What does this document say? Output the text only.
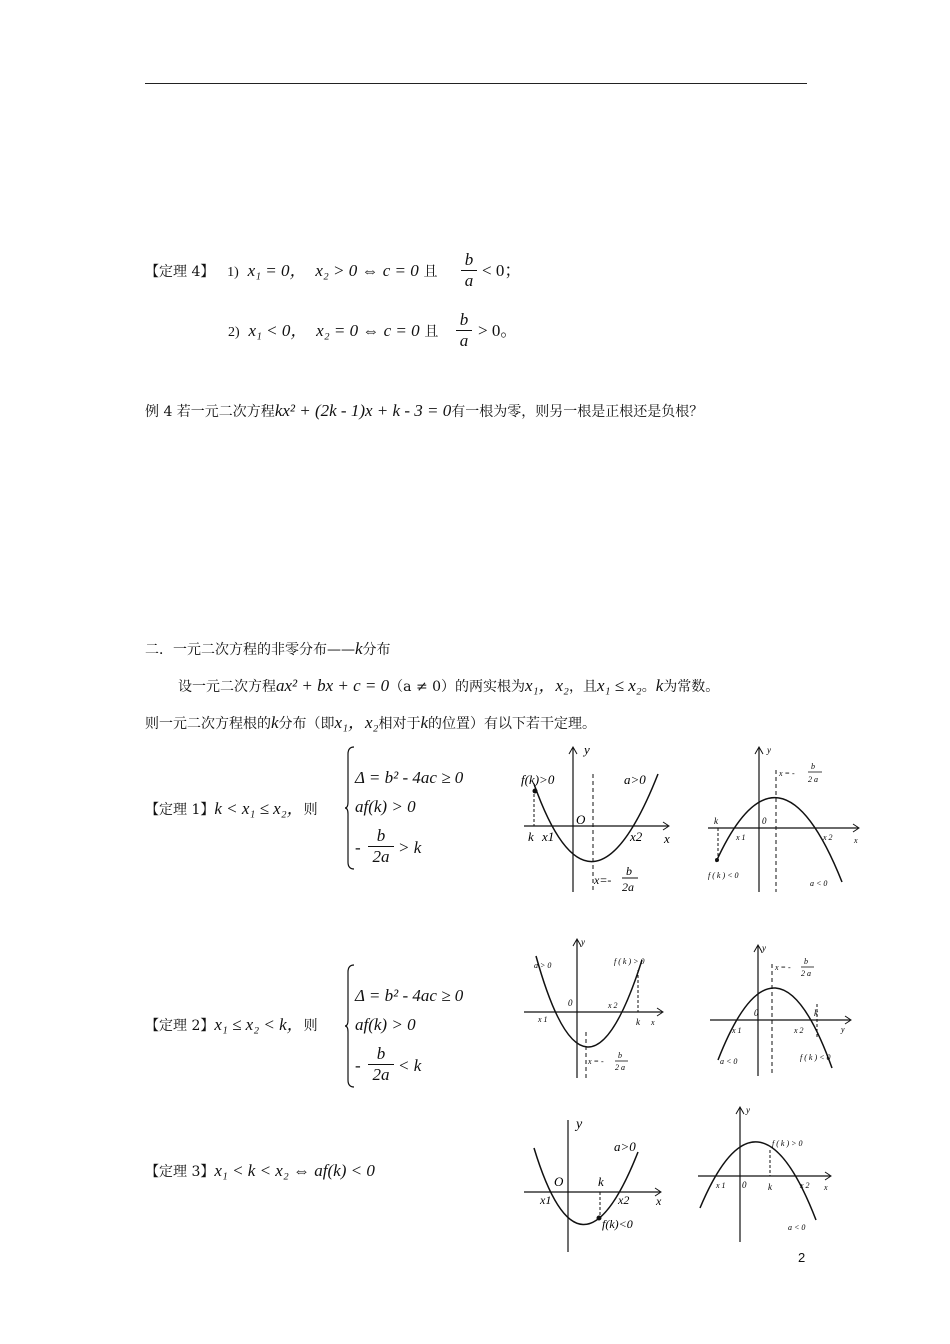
【定理 4】 1) x₁ = 0， x₂ > 0 ⇔ c = 0 且 $\frac{b}{a} < 0$；
2) x₁ < 0， x₂ = 0 ⇔ c = 0 且 $\frac{b}{a} > 0$。
例 4 若一元二次方程kx² + (2k - 1)x + k - 3 = 0有一根为零，则另一根是正根还是负根？
二．一元二次方程的非零分布——k分布
设一元二次方程ax² + bx + c = 0（a ≠ 0）的两实根为x₁，x₂，且x₁ ≤ x₂。k为常数。
则一元二次方程根的k分布（即x₁，x₂相对于k的位置）有以下若干定理。
【定理 1】k < x₁ ≤ x₂，则
Δ = b² - 4ac ≥ 0
af(k) > 0
- $\frac{b}{2a} > k$
【定理 2】x₁ ≤ x₂ < k，则
Δ = b² - 4ac ≥ 0
af(k) > 0
- $\frac{b}{2a} < k$
【定理 3】x₁ < k < x₂ ⇔ af(k) < 0
f(k)>0	a>0
y
O
k x1	x2 x
x=-
b
2a
y
x = -
b
2 a
k
x 1
0
x 2	x
f ( k ) < 0
a < 0
y
a > 0	f ( k ) > 0
x 1
0	x 2
k x
x = -
b
2 a
y
x = -
b
2 a
x 1
0
x 2
k
y
a < 0	f ( k ) < 0
y
a>0
O	k
x1	x2 x
f(k)<0
y
f ( k ) > 0
x 1 0 k	x 2 x
a < 0
2
